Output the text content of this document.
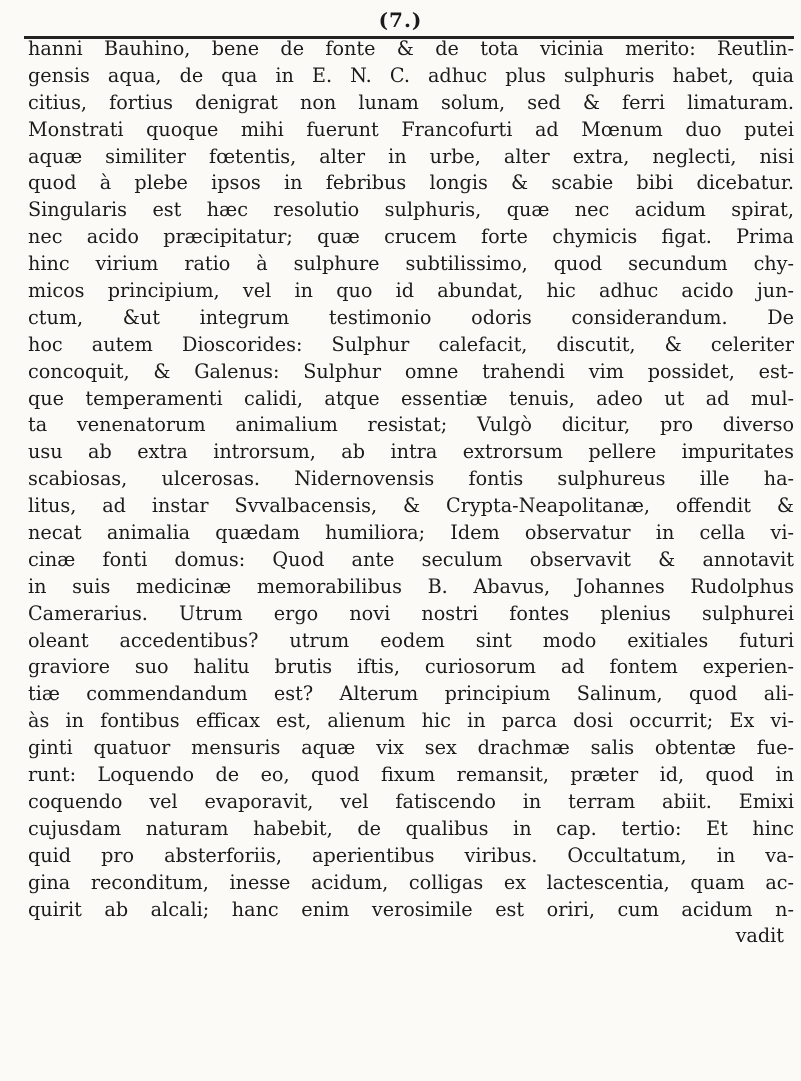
(7.)
hanni Bauhino, bene de fonte & de tota vicinia merito: Reutlin-
gensis aqua, de qua in E. N. C. adhuc plus sulphuris habet, quia
citius, fortius denigrat non lunam solum, sed & ferri limaturam.
Monstrati quoque mihi fuerunt Francofurti ad Mœnum duo putei
aquæ similiter fœtentis, alter in urbe, alter extra, neglecti, nisi
quod à plebe ipsos in febribus longis & scabie bibi dicebatur.
Singularis est hæc resolutio sulphuris, quæ nec acidum spirat,
nec acido præcipitatur; quæ crucem forte chymicis figat. Prima
hinc virium ratio à sulphure subtilissimo, quod secundum chy-
micos principium, vel in quo id abundat, hic adhuc acido jun-
ctum, &ut integrum testimonio odoris considerandum. De
hoc autem Dioscorides: Sulphur calefacit, discutit, & celeriter
concoquit, & Galenus: Sulphur omne trahendi vim possidet, est-
que temperamenti calidi, atque essentiæ tenuis, adeo ut ad mul-
ta venenatorum animalium resistat; Vulgò dicitur, pro diverso
usu ab extra introrsum, ab intra extrorsum pellere impuritates
scabiosas, ulcerosas. Nidernovensis fontis sulphureus ille ha-
litus, ad instar Svvalbacensis, & Crypta-Neapolitanæ, offendit &
necat animalia quædam humiliora; Idem observatur in cella vi-
cinæ fonti domus: Quod ante seculum observavit & annotavit
in suis medicinæ memorabilibus B. Abavus, Johannes Rudolphus
Camerarius. Utrum ergo novi nostri fontes plenius sulphurei
oleant accedentibus? utrum eodem sint modo exitiales futuri
graviore suo halitu brutis iftis, curiosorum ad fontem experien-
tiæ commendandum est? Alterum principium Salinum, quod ali-
às in fontibus efficax est, alienum hic in parca dosi occurrit; Ex vi-
ginti quatuor mensuris aquæ vix sex drachmæ salis obtentæ fue-
runt: Loquendo de eo, quod fixum remansit, præter id, quod in
coquendo vel evaporavit, vel fatiscendo in terram abiit. Emixi
cujusdam naturam habebit, de qualibus in cap. tertio: Et hinc
quid pro absterforiis, aperientibus viribus. Occultatum, in va-
gina reconditum, inesse acidum, colligas ex lactescentia, quam ac-
quirit ab alcali; hanc enim verosimile est oriri, cum acidum n-
vadit
